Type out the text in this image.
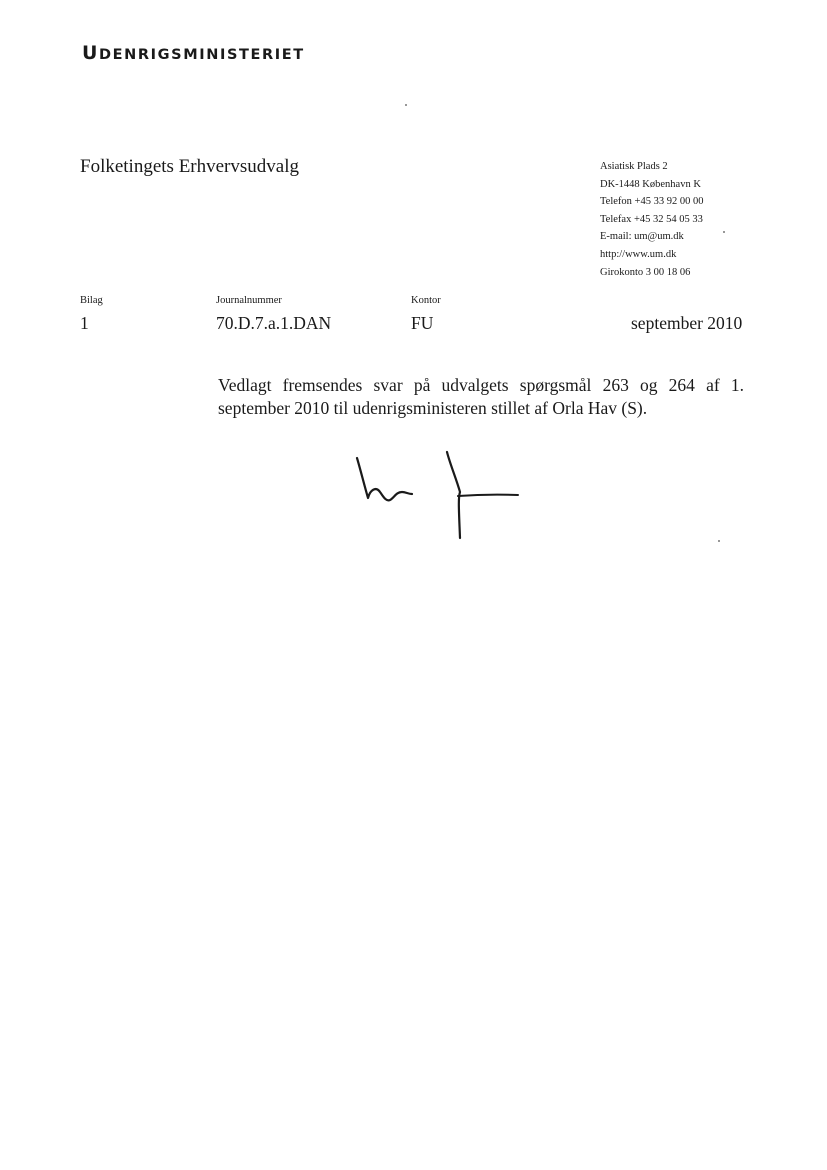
UDENRIGSMINISTERIET

Folketingets Erhvervsudvalg	Asiatisk Plads 2
DK-1448 København K
Telefon +45 33 92 00 00
Telefax +45 32 54 05 33
E-mail: um@um.dk
http://www.um.dk
Girokonto 3 00 18 06
Bilag
1
Journalnummer
70.D.7.a.1.DAN
Kontor
FU	september 2010

Vedlagt fremsendes svar på udvalgets spørgsmål 263 og 264 af 1. september 2010 til udenrigsministeren stillet af Orla Hav (S).
